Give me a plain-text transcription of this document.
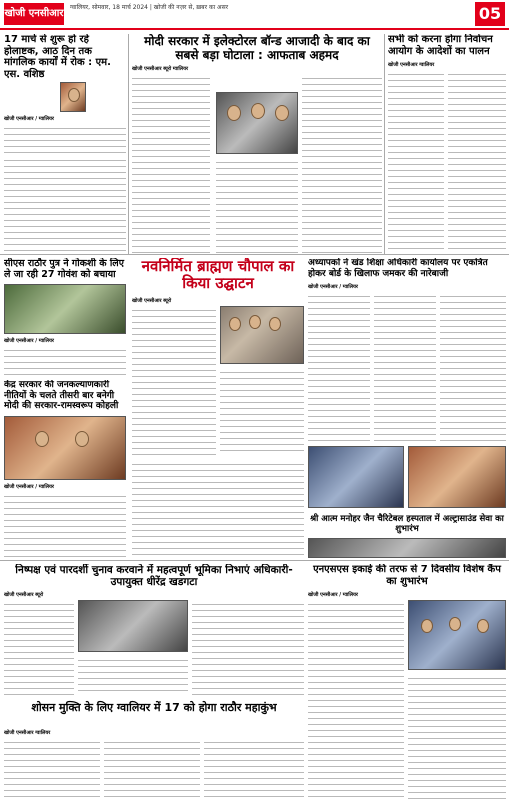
खोजी एनसीआर
ग्वालियर, सोमवार, 18 मार्च 2024 | खोजी की नज़र से, ख़बर का असर	05
17 मार्च से शुरू हो रहे होलाष्टक, आठ दिन तक मांगलिक कार्यों में रोक : एम. एस. वशिष्ठ
खोजी एनसीआर / ग्वालियर
मोदी सरकार में इलेक्टोरल बॉन्ड आजादी के बाद का सबसे बड़ा घोटाला : आफताब अहमद
खोजी एनसीआर ब्यूरो ग्वालियर
सभी को करना होगा निर्वाचन आयोग के आदेशों का पालन
खोजी एनसीआर ग्वालियर
सीएस राठौर पुत्र ने गोकशी के लिए ले जा रही 27 गोवंश को बचाया
खोजी एनसीआर / ग्वालियर
नवनिर्मित ब्राह्मण चौपाल का किया उद्घाटन
खोजी एनसीआर ब्यूरो
अध्यापकों ने खंड शिक्षा अधिकारी कार्यालय पर एकत्रित होकर बोर्ड के खिलाफ जमकर की नारेबाजी
खोजी एनसीआर / ग्वालियर
श्री आत्म मनोहर जैन चैरिटेबल हस्पताल में अल्ट्रासाउंड सेवा का शुभारंभ
केंद्र सरकार की जनकल्याणकारी नीतियों के चलते तीसरी बार बनेगी मोदी की सरकार-रामस्वरूप कोहली
खोजी एनसीआर / ग्वालियर
निष्पक्ष एवं पारदर्शी चुनाव करवाने में महत्वपूर्ण भूमिका निभाएं अधिकारी-उपायुक्त धीरेंद्र खडगटा
खोजी एनसीआर ब्यूरो
शोसन मुक्ति के लिए ग्वालियर में 17 को होगा राठौर महाकुंभ
खोजी एनसीआर ग्वालियर
एनएसएस इकाई की तरफ से 7 दिवसीय विशेष कैंप का शुभारंभ
खोजी एनसीआर / ग्वालियर
